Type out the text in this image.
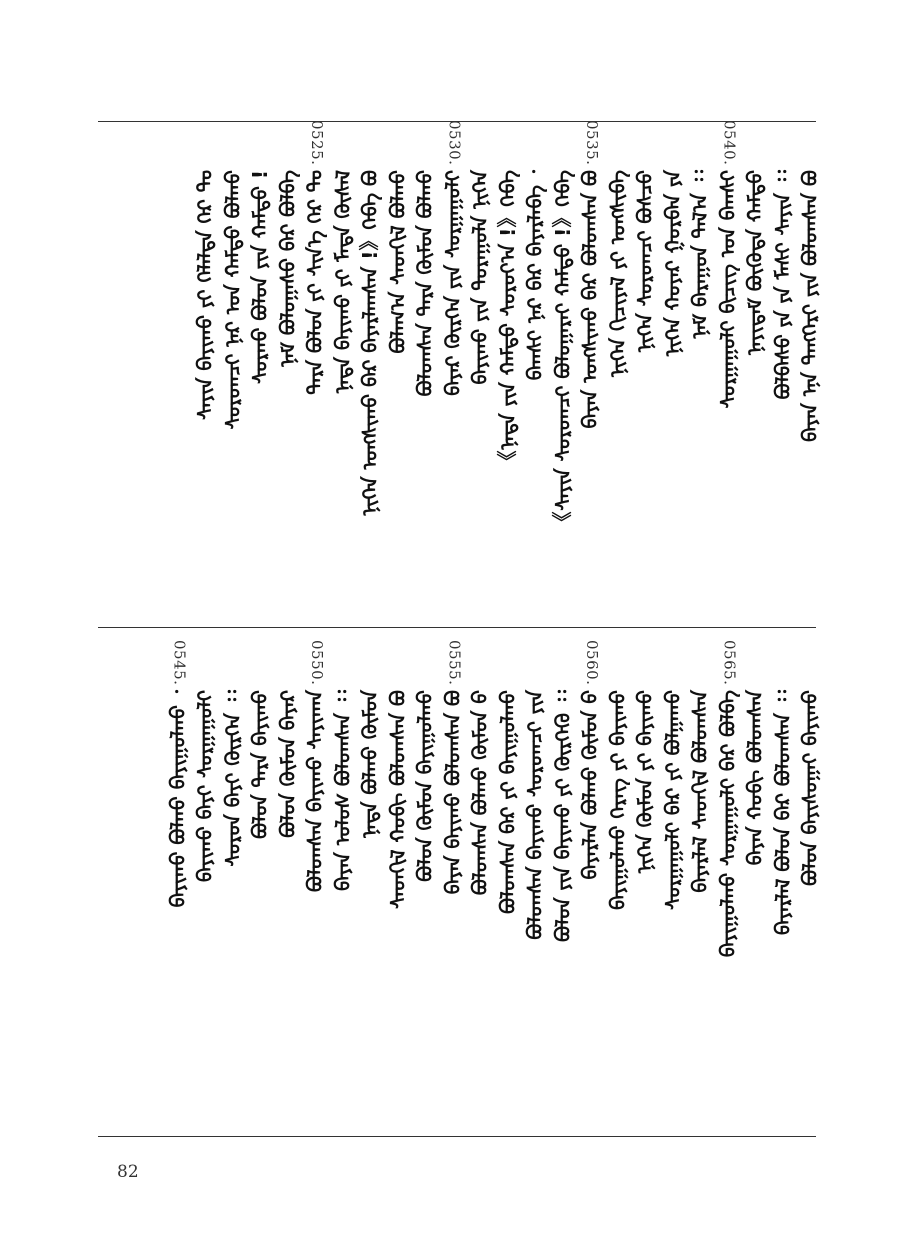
ᠪᠠᠶᠠᠨ ᠡᠨᠡ ᠲᠡᠩᠭᠡᠷᠢ ᠶᠢᠨ ᠪᠣᠯᠣᠭᠰᠠᠨ ᠪᠣ
ᠪᠣᠯᠪᠠᠰᠤ ᠶᠠ ᠶᠠ ᠮᠠᠰᠢ ᠰᠠᠶᠢᠨ ᠄᠄
ᠨᠡᠶᠢᠳᠡᠮ ᠪᠦᠭᠦᠳᠡ ᠬᠠᠮᠲᠤ
0540.
ᠰᠤᠷᠭᠠᠭᠤᠯᠢ ᠪᠢᠴᠢᠭ ᠤᠨ ᠪᠠᠭᠰᠢ
ᠨᠠᠮ ᠪᠠᠷᠠᠭᠤᠨ ᠲᠠᠯ᠎ᠠ ᠄᠄
ᠨᠢᠭᠡᠨ ᠬᠣᠶᠠᠷ ᠭᠤᠷᠪᠠᠨ ᠶᠠ
ᠨᠢᠭᠡᠨ ᠰᠤᠷᠤᠭᠴᠢ ᠪᠣᠰᠴᠤ
ᠨᠢᠭᠡᠨ ᠬᠢᠴᠢᠶᠡᠯ ᠶᠢ ᠤᠩᠰᠢᠪᠠ
0535.
ᠪᠠᠶᠠᠨ ᠤᠩᠰᠢᠬᠤ ᠪᠠᠷ ᠪᠣᠯᠣᠭᠰᠠᠨ ᠪᠣ
《ᠰᠠᠶᠢᠨ ᠰᠤᠷᠤᠭᠴᠢ ᠪᠣᠯᠤᠭᠠᠷᠠᠢ ᠬᠠᠮᠲᠤ !》ᠭᠡᠪᠡ
ᠪᠠᠭᠰᠢ ᠨᠠᠷ ᠪᠠᠷ ᠪᠠᠶᠠᠷᠯᠠᠪᠠ ᠂
《ᠨᠠᠳᠠ ᠶᠢᠨ ᠬᠠᠮᠲᠤ ᠰᠤᠷᠤᠶ᠎ᠠ !》ᠭᠡᠪᠡ
ᠪᠠᠶᠢᠬᠤ ᠶᠢᠨ ᠳᠤᠷᠠᠭᠤᠯᠠ ᠨᠢᠭᠡᠨ
0530.
ᠪᠠᠶᠠᠷ ᠬᠦᠷᠭᠡᠨ ᠶᠢᠨ ᠰᠤᠷᠭᠠᠭᠤᠯᠢ
ᠪᠣᠯᠣᠭᠰᠠᠨ ᠲᠡᠷᠡ ᠬᠦᠮᠦᠨ ᠪᠣᠯᠬᠤ
ᠪᠣᠯᠠᠭ᠎ᠠ ᠰᠡᠳᠬᠢᠯ ᠪᠣᠯᠬᠤ
ᠨᠢᠭᠡᠨ ᠤᠩᠰᠢᠬᠤ ᠪᠠᠷ ᠪᠠᠶᠠᠷᠯᠠᠭᠰᠠᠨ !》ᠭᠡᠪᠡ ᠪᠣ
ᠨᠠᠳᠠ ᠪᠠᠶᠢᠬᠤ ᠶᠢ ᠮᠡᠳᠡ ᠬᠦᠰᠡᠯ
0525.
ᠲᠡᠷᠡ ᠪᠣᠯᠣᠨ ᠶᠢ ᠰᠢᠨ᠎ᠡ ᠭᠡᠷ ᠲᠤ
ᠨᠠᠮ ᠪᠣᠯᠤᠭᠠᠰᠤ ᠪᠠᠷ ᠪᠣᠯᠪᠠ
ᠰᠤᠷᠬᠤ ᠪᠣᠯᠣᠨ ᠶᠢᠨ ᠬᠠᠮᠲᠤ !
ᠰᠤᠷᠤᠭᠴᠢ ᠨᠠᠷ ᠤᠨ ᠬᠠᠮᠲᠤ ᠪᠣᠯᠬᠤ
ᠰᠠᠶᠢᠨ ᠪᠠᠶᠢᠬᠤ ᠶᠢ ᠬᠡᠯᠡᠯᠲᠡ ᠭᠡᠷ ᠲᠤ
ᠪᠣᠯᠤᠨ ᠪᠠᠶᠢᠰᠤᠭᠠᠢ ᠪᠠᠶᠢᠬᠤ
ᠪᠠᠶᠠᠷᠯᠠᠯ ᠪᠣᠯᠤᠨ ᠪᠠᠷ ᠪᠣᠯᠤᠭᠰᠠᠨ ᠄᠄
ᠪᠠᠶᠠᠨ ᠬᠣᠪᠢ ᠪᠣᠯᠣᠭᠰᠠᠨ
0565.
ᠪᠠᠶᠢᠭᠤᠯᠬᠤ ᠰᠤᠷᠭᠠᠭᠤᠯᠢ ᠪᠠᠷ ᠪᠣᠯᠪᠠ
ᠪᠠᠶᠠᠷᠯᠠᠯ ᠰᠡᠳᠬᠢᠯ ᠪᠣᠯᠣᠭᠰᠠᠨ
ᠰᠤᠷᠭᠠᠭᠤᠯᠢ ᠪᠠᠷ ᠶᠢ ᠪᠣᠯᠭᠠᠬᠤ
ᠨᠢᠭᠡᠨ ᠬᠦᠮᠦᠨ ᠶᠢ ᠪᠠᠶᠢᠬᠤ
ᠪᠠᠶᠢᠭᠤᠯᠬᠤ ᠬᠡᠷᠡᠭ ᠶᠢ ᠪᠠᠶᠢᠬᠤ
0560.
ᠪᠠᠶᠠᠷᠯᠠᠨ ᠪᠣᠯᠬᠤ ᠬᠦᠮᠦᠨ ᠪ
ᠪᠣᠯᠤᠨ ᠶᠢᠨ ᠪᠠᠶᠢᠬᠤ ᠶᠢ ᠬᠦᠷᠭᠡᠬᠦ ᠄᠄
ᠪᠣᠯᠤᠭᠰᠠᠨ ᠪᠠᠶᠢᠬᠤ ᠰᠤᠷᠤᠭᠴᠢ ᠶᠢᠨ
ᠪᠣᠯᠤᠭᠰᠠᠨ ᠪᠠᠷ ᠶᠢ ᠪᠠᠶᠢᠭᠤᠯᠬᠤ
ᠪᠣᠯᠤᠭᠰᠠᠨ ᠪᠣᠯᠬᠤ ᠬᠦᠮᠦᠨ ᠪ
0555.
ᠪᠠᠶᠠᠨ ᠪᠠᠶᠢᠬᠤ ᠪᠣᠯᠣᠭᠰᠠᠨ ᠪᠣ
ᠪᠣᠯᠤᠨ ᠬᠦᠮᠦᠨ ᠪᠠᠶᠢᠭᠤᠯᠬᠤ
ᠰᠡᠳᠬᠢᠯ ᠬᠣᠪᠢ ᠪᠣᠯᠣᠭᠰᠠᠨ ᠪᠣ
ᠨᠠᠳᠠ ᠪᠣᠯᠬᠤ ᠬᠦᠮᠦᠨ
ᠪᠠᠶᠠᠨ ᠤᠯᠤᠰ ᠪᠣᠯᠤᠭᠰᠠᠨ ᠄᠄
0550.
ᠪᠣᠯᠤᠭᠰᠠᠨ ᠪᠠᠶᠢᠬᠤ ᠰᠠᠶᠢᠬᠠᠨ
ᠪᠣᠯᠤᠨ ᠬᠦᠮᠦᠨ ᠪᠠᠶᠠᠷ
ᠪᠣᠯᠤᠨ ᠲᠡᠷᠡ ᠪᠠᠶᠢᠬᠤ
ᠰᠤᠷᠤᠨ ᠪᠠᠶᠢ ᠬᠦᠷᠭᠡᠨ ᠄᠄
ᠪᠠᠶᠢᠬᠤ ᠪᠠᠶᠢ ᠰᠤᠷᠭᠠᠭᠤᠯᠢ
0545.
ᠪᠠᠶᠢᠬᠤ ᠪᠣᠯᠬᠤ ᠪᠠᠶᠢᠭᠤᠯᠬᠤ ᠂
82
